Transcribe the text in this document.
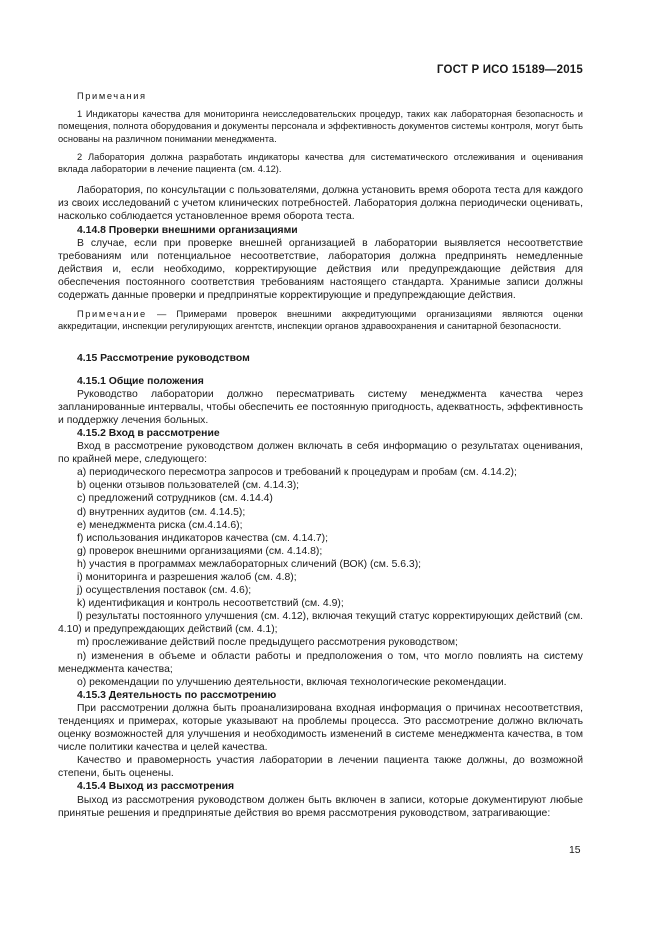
ГОСТ Р ИСО 15189—2015

Примечания

1 Индикаторы качества для мониторинга неисследовательских процедур, таких как лабораторная безопасность и помещения, полнота оборудования и документы персонала и эффективность документов системы контроля, могут быть основаны на различном понимании менеджмента.

2 Лаборатория должна разработать индикаторы качества для систематического отслеживания и оценивания вклада лаборатории в лечение пациента (см. 4.12).

Лаборатория, по консультации с пользователями, должна установить время оборота теста для каждого из своих исследований с учетом клинических потребностей. Лаборатория должна периодически оценивать, насколько соблюдается установленное время оборота теста.

4.14.8 Проверки внешними организациями

В случае, если при проверке внешней организацией в лаборатории выявляется несоответствие требованиям или потенциальное несоответствие, лаборатория должна предпринять немедленные действия и, если необходимо, корректирующие действия или предупреждающие действия для обеспечения постоянного соответствия требованиям настоящего стандарта. Хранимые записи должны содержать данные проверки и предпринятые корректирующие и предупреждающие действия.

Примечание — Примерами проверок внешними аккредитующими организациями являются оценки аккредитации, инспекции регулирующих агентств, инспекции органов здравоохранения и санитарной безопасности.

4.15 Рассмотрение руководством

4.15.1 Общие положения

Руководство лаборатории должно пересматривать систему менеджмента качества через запланированные интервалы, чтобы обеспечить ее постоянную пригодность, адекватность, эффективность и поддержку лечения больных.

4.15.2 Вход в рассмотрение

Вход в рассмотрение руководством должен включать в себя информацию о результатах оценивания, по крайней мере, следующего:

a) периодического пересмотра запросов и требований к процедурам и пробам (см. 4.14.2);

b) оценки отзывов пользователей (см. 4.14.3);

c) предложений сотрудников (см. 4.14.4)

d) внутренних аудитов (см. 4.14.5);

e) менеджмента риска (см.4.14.6);

f) использования индикаторов качества (см. 4.14.7);

g) проверок внешними организациями (см. 4.14.8);

h) участия в программах межлабораторных сличений (ВОК) (см. 5.6.3);

i) мониторинга и разрешения жалоб (см. 4.8);

j) осуществления поставок (см. 4.6);

k) идентификация и контроль несоответствий (см. 4.9);

l) результаты постоянного улучшения (см. 4.12), включая текущий статус корректирующих действий (см. 4.10) и предупреждающих действий (см. 4.1);

m) прослеживание действий после предыдущего рассмотрения руководством;

n) изменения в объеме и области работы и предположения о том, что могло повлиять на систему менеджмента качества;

o) рекомендации по улучшению деятельности, включая технологические рекомендации.

4.15.3 Деятельность по рассмотрению

При рассмотрении должна быть проанализирована входная информация о причинах несоответствия, тенденциях и примерах, которые указывают на проблемы процесса. Это рассмотрение должно включать оценку возможностей для улучшения и необходимость изменений в системе менеджмента качества, в том числе политики качества и целей качества.

Качество и правомерность участия лаборатории в лечении пациента также должны, до возможной степени, быть оценены.

4.15.4 Выход из рассмотрения

Выход из рассмотрения руководством должен быть включен в записи, которые документируют любые принятые решения и предпринятые действия во время рассмотрения руководством, затрагивающие:

15
